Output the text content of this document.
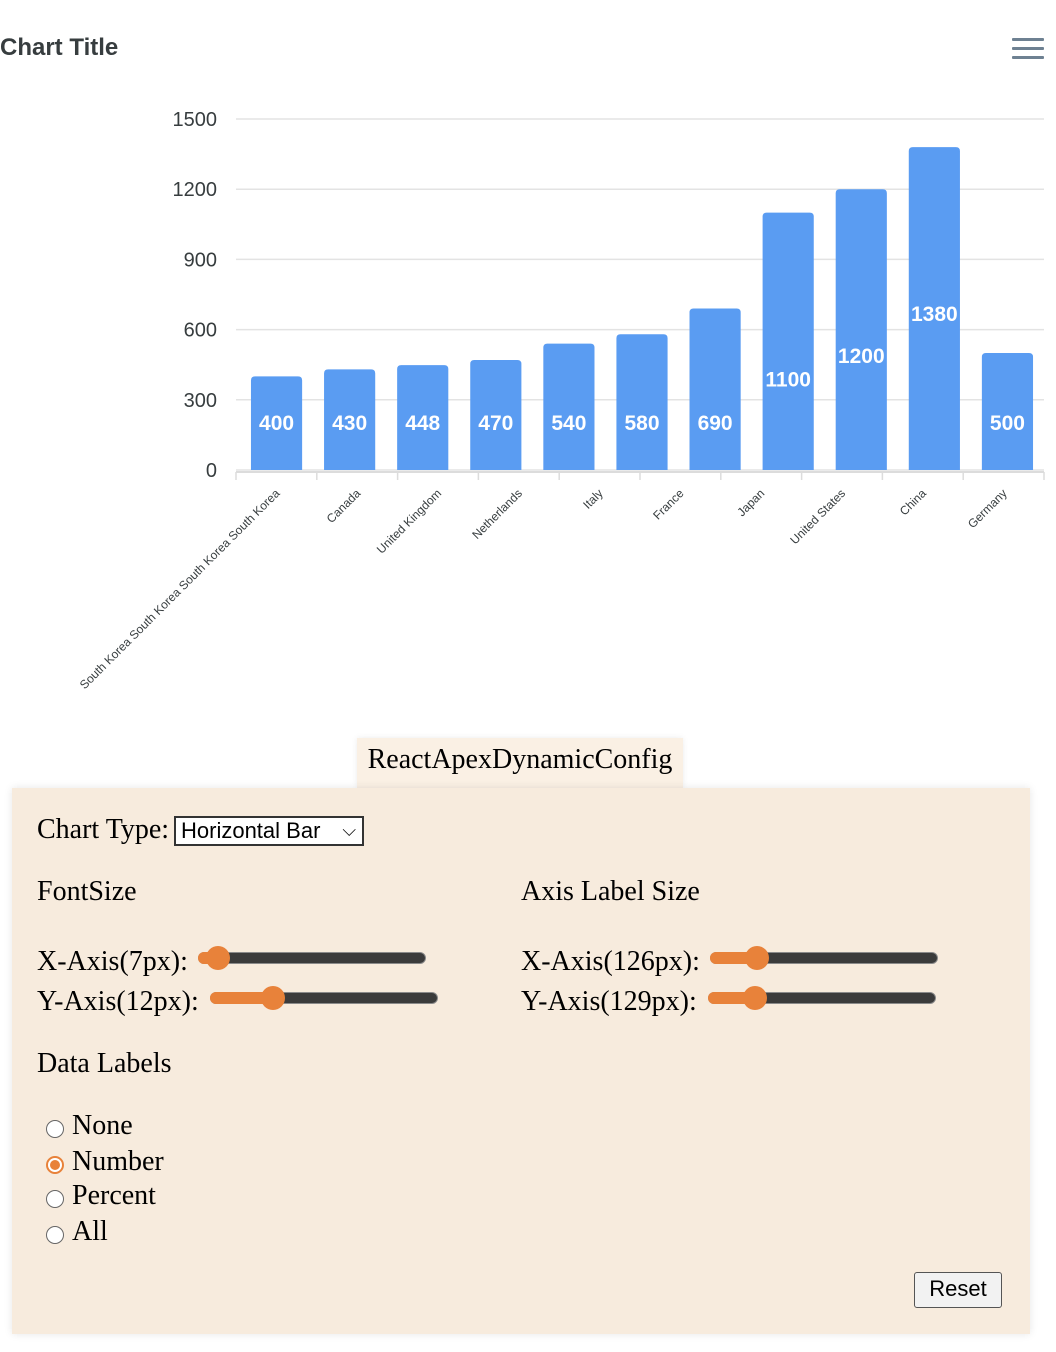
Chart Title
0
300
600
900
1200
1500
400 430 448 470 540 580 690
1100
1200
1380
500
South Korea South Korea South Korea South Korea	Canada United Kingdom Netherlands	Italy	France	Japan United States	China	Germany
ReactApexDynamicConfig
Chart Type: Horizontal Bar ⌵
FontSize	Axis Label Size
X-Axis(7px):
Y-Axis(12px):
X-Axis(126px):
Y-Axis(129px):
Data Labels
None
Number
Percent
All
Reset
